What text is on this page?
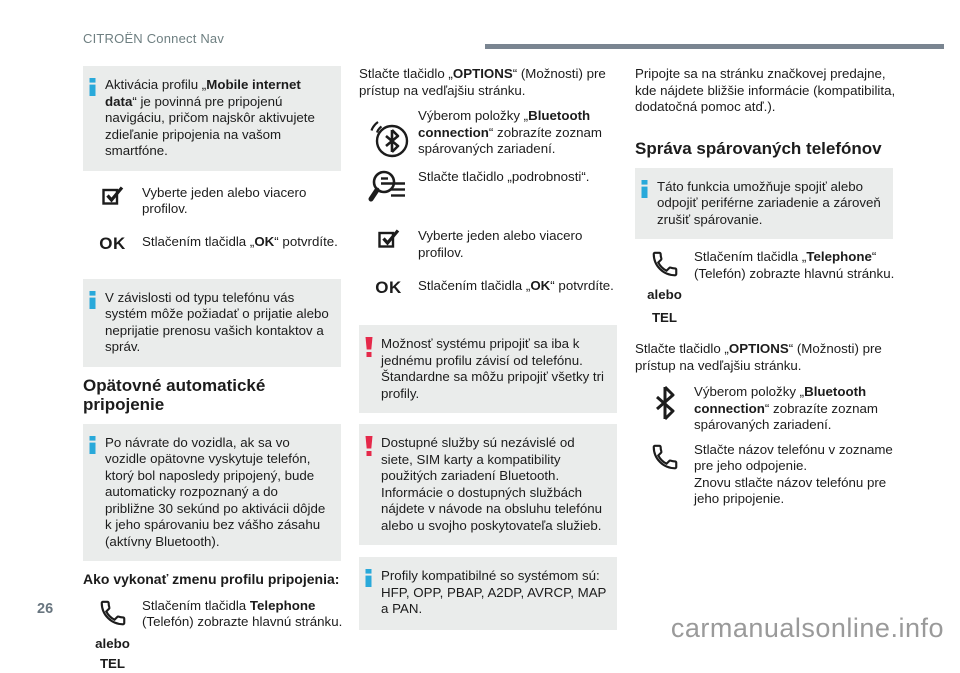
CITROËN Connect Nav

Aktivácia profilu „Mobile internet data“ je povinná pre pripojenú navigáciu, pričom najskôr aktivujete zdieľanie pripojenia na vašom smartfóne.

Vyberte jeden alebo viacero profilov.
OK Stlačením tlačidla „OK“ potvrdíte.

V závislosti od typu telefónu vás systém môže požiadať o prijatie alebo neprijatie prenosu vašich kontaktov a správ.

Opätovné automatické pripojenie

Po návrate do vozidla, ak sa vo vozidle opätovne vyskytuje telefón, ktorý bol naposledy pripojený, bude automaticky rozpoznaný a do približne 30 sekúnd po aktivácii dôjde k jeho spárovaniu bez vášho zásahu (aktívny Bluetooth).

Ako vykonať zmenu profilu pripojenia:
alebo
TEL
Stlačením tlačidla Telephone (Telefón) zobrazte hlavnú stránku.

Stlačte tlačidlo „OPTIONS“ (Možnosti) pre prístup na vedľajšiu stránku.

Výberom položky „Bluetooth connection“ zobrazíte zoznam spárovaných zariadení.
Stlačte tlačidlo „podrobnosti“.
Vyberte jeden alebo viacero profilov.
OK Stlačením tlačidla „OK“ potvrdíte.

Možnosť systému pripojiť sa iba k jednému profilu závisí od telefónu. Štandardne sa môžu pripojiť všetky tri profily.

Dostupné služby sú nezávislé od siete, SIM karty a kompatibility použitých zariadení Bluetooth. Informácie o dostupných službách nájdete v návode na obsluhu telefónu alebo u svojho poskytovateľa služieb.

Profily kompatibilné so systémom sú: HFP, OPP, PBAP, A2DP, AVRCP, MAP a PAN.

Pripojte sa na stránku značkovej predajne, kde nájdete bližšie informácie (kompatibilita, dodatočná pomoc atď.).

Správa spárovaných telefónov

Táto funkcia umožňuje spojiť alebo odpojiť periférne zariadenie a zároveň zrušiť spárovanie.

alebo
TEL
Stlačením tlačidla „Telephone“ (Telefón) zobrazte hlavnú stránku.

Stlačte tlačidlo „OPTIONS“ (Možnosti) pre prístup na vedľajšiu stránku.

Výberom položky „Bluetooth connection“ zobrazíte zoznam spárovaných zariadení.
Stlačte názov telefónu v zozname pre jeho odpojenie.
Znovu stlačte názov telefónu pre jeho pripojenie.
26
carmanualsonline.info
